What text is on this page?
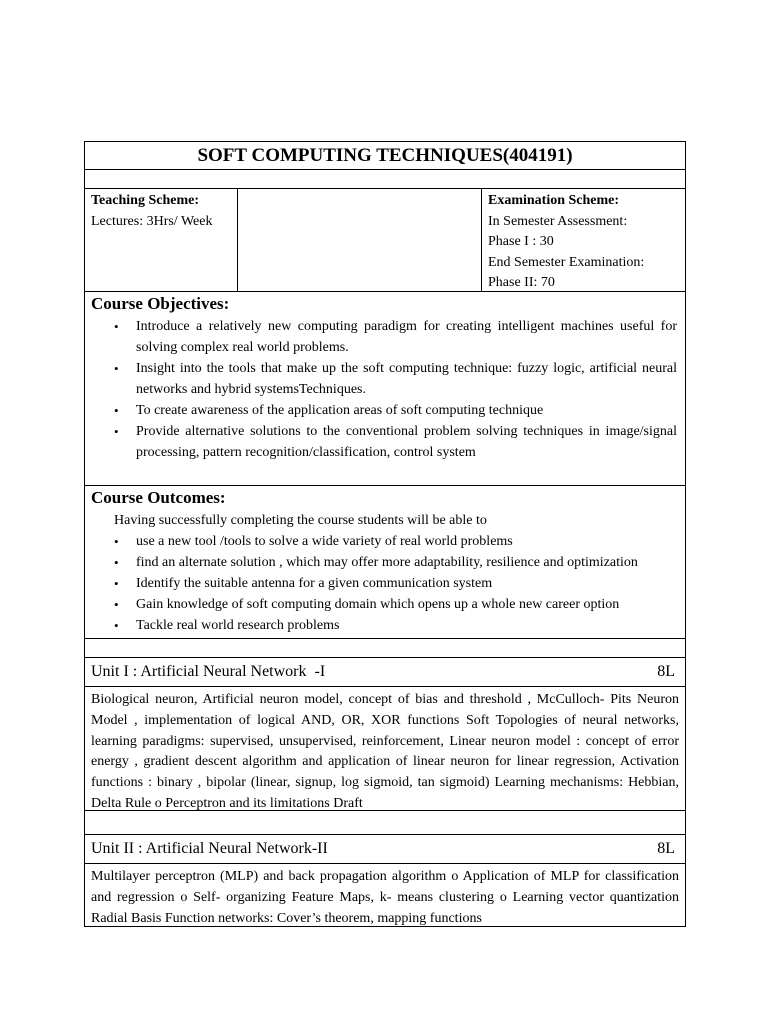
SOFT COMPUTING TECHNIQUES(404191)
Teaching Scheme:
Lectures: 3Hrs/ Week
Examination Scheme:
In Semester Assessment:
Phase I : 30
End Semester Examination:
Phase II: 70
Course Objectives:
• Introduce a relatively new computing paradigm for creating intelligent machines useful for solving complex real world problems.
• Insight into the tools that make up the soft computing technique: fuzzy logic, artificial neural networks and hybrid systemsTechniques.
• To create awareness of the application areas of soft computing technique
• Provide alternative solutions to the conventional problem solving techniques in image/signal processing, pattern recognition/classification, control system
Course Outcomes:
Having successfully completing the course students will be able to
• use a new tool /tools to solve a wide variety of real world problems
• find an alternate solution , which may offer more adaptability, resilience and optimization
• Identify the suitable antenna for a given communication system
• Gain knowledge of soft computing domain which opens up a whole new career option
• Tackle real world research problems
Unit I : Artificial Neural Network  -I	8L
Biological neuron, Artificial neuron model, concept of bias and threshold , McCulloch- Pits Neuron Model , implementation of logical AND, OR, XOR functions Soft Topologies of neural networks, learning paradigms: supervised, unsupervised, reinforcement, Linear neuron model : concept of error energy , gradient descent algorithm and application of linear neuron for linear regression, Activation functions : binary , bipolar (linear, signup, log sigmoid, tan sigmoid) Learning mechanisms: Hebbian, Delta Rule o Perceptron and its limitations Draft
Unit II : Artificial Neural Network-II	8L
Multilayer perceptron (MLP) and back propagation algorithm o Application of MLP for classification and regression o Self- organizing Feature Maps, k- means clustering o Learning vector quantization Radial Basis Function networks: Cover’s theorem, mapping functions
